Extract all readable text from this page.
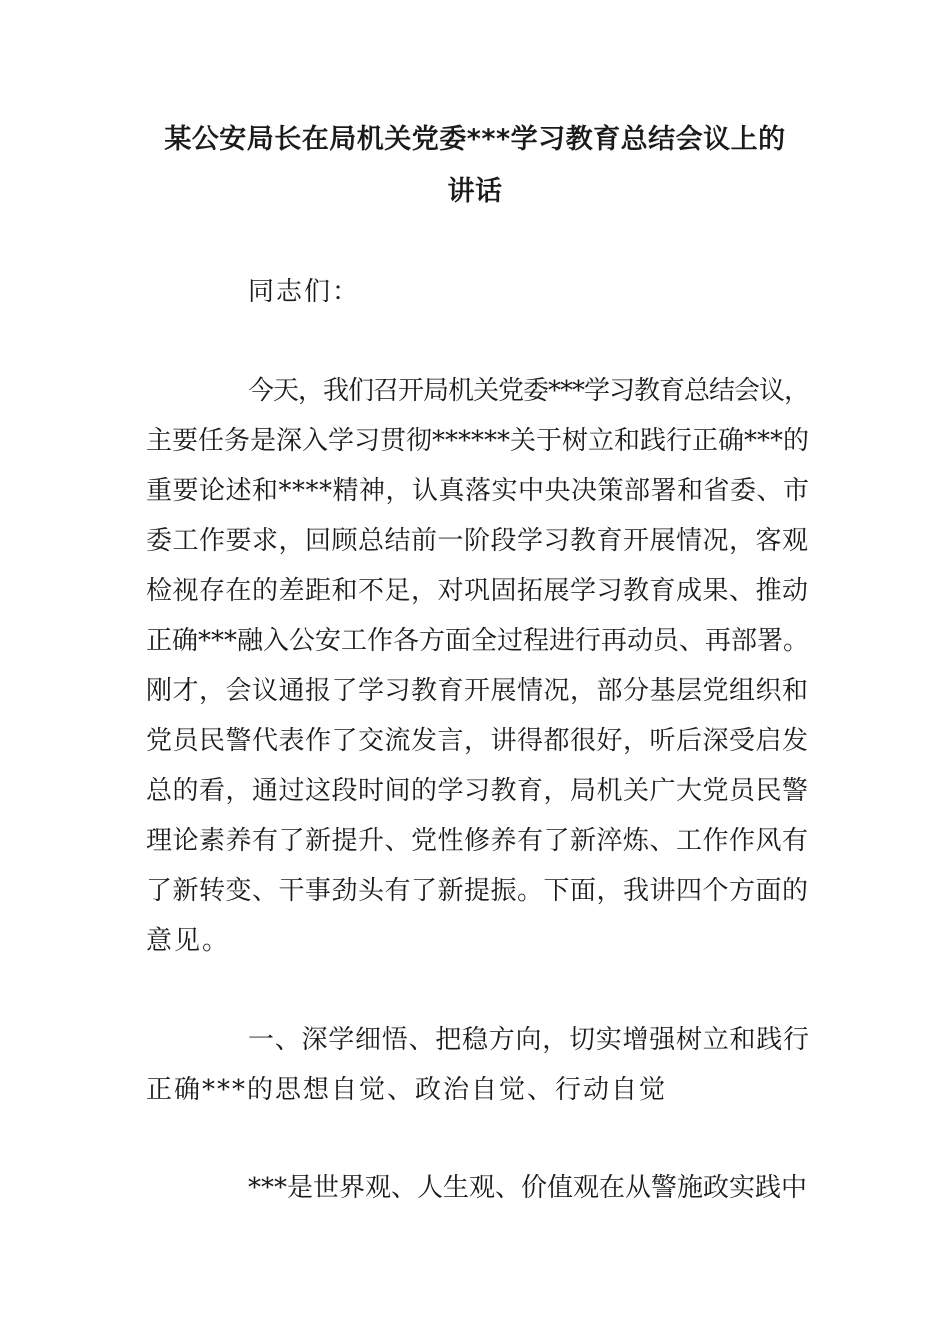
某公安局长在局机关党委***学习教育总结会议上的
讲话
同志们：
今天，我们召开局机关党委***学习教育总结会议，
主要任务是深入学习贯彻******关于树立和践行正确***的
重要论述和****精神，认真落实中央决策部署和省委、市
委工作要求，回顾总结前一阶段学习教育开展情况，客观
检视存在的差距和不足，对巩固拓展学习教育成果、推动
正确***融入公安工作各方面全过程进行再动员、再部署。
刚才，会议通报了学习教育开展情况，部分基层党组织和
党员民警代表作了交流发言，讲得都很好，听后深受启发
总的看，通过这段时间的学习教育，局机关广大党员民警
理论素养有了新提升、党性修养有了新淬炼、工作作风有
了新转变、干事劲头有了新提振。下面，我讲四个方面的
意见。
一、深学细悟、把稳方向，切实增强树立和践行
正确***的思想自觉、政治自觉、行动自觉
***是世界观、人生观、价值观在从警施政实践中
